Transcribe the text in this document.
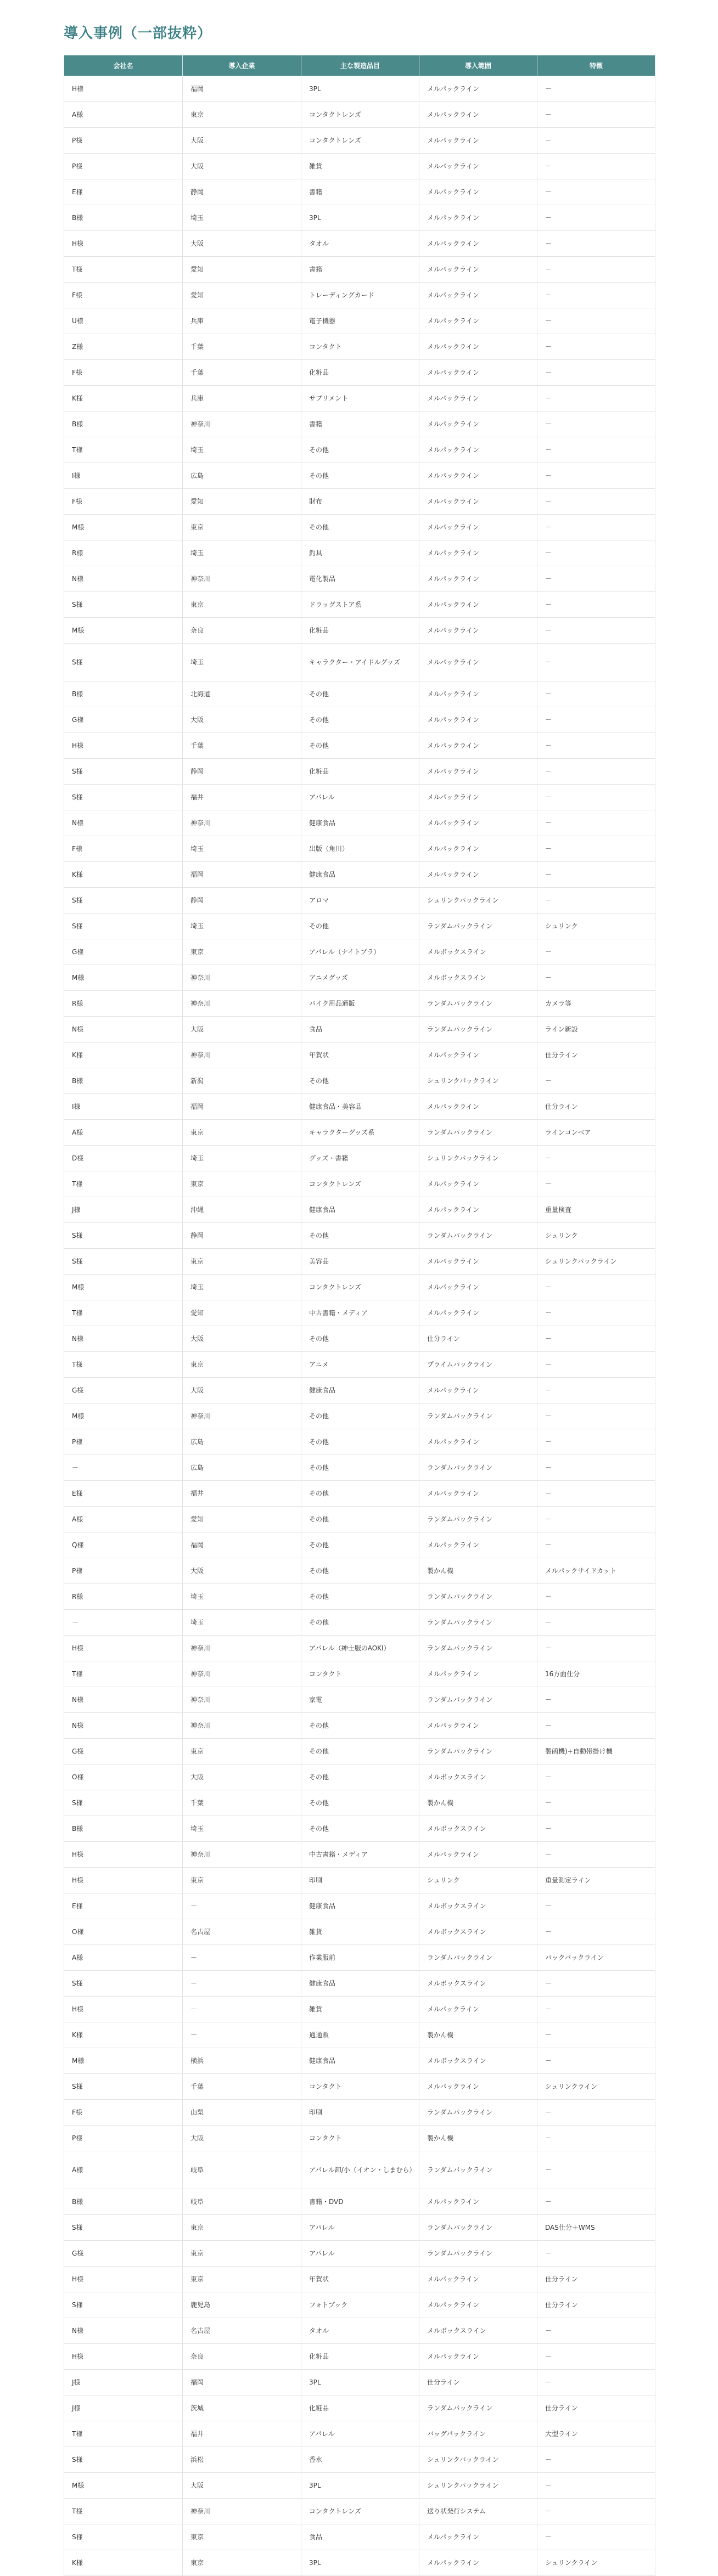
導入事例（一部抜粋）
会社名	導入企業	主な製造品目	導入範囲	特徴
H様	福岡	3PL	メルパックライン	－
A様	東京	コンタクトレンズ	メルパックライン	－
P様	大阪	コンタクトレンズ	メルパックライン	－
P様	大阪	雑貨	メルパックライン	－
E様	静岡	書籍	メルパックライン	－
B様	埼玉	3PL	メルパックライン	－
H様	大阪	タオル	メルパックライン	－
T様	愛知	書籍	メルパックライン	－
F様	愛知	トレーディングカード	メルパックライン	－
U様	兵庫	電子機器	メルパックライン	－
Z様	千葉	コンタクト	メルパックライン	－
F様	千葉	化粧品	メルパックライン	－
K様	兵庫	サプリメント	メルパックライン	－
B様	神奈川	書籍	メルパックライン	－
T様	埼玉	その他	メルパックライン	－
I様	広島	その他	メルパックライン	－
F様	愛知	財布	メルパックライン	－
M様	東京	その他	メルパックライン	－
R様	埼玉	釣具	メルパックライン	－
N様	神奈川	電化製品	メルパックライン	－
S様	東京	ドラッグストア系	メルパックライン	－
M様	奈良	化粧品	メルパックライン	－
S様	埼玉	キャラクター・アイドルグッズ	メルパックライン	－
B様	北海道	その他	メルパックライン	－
G様	大阪	その他	メルパックライン	－
H様	千葉	その他	メルパックライン	－
S様	静岡	化粧品	メルパックライン	－
S様	福井	アパレル	メルパックライン	－
N様	神奈川	健康食品	メルパックライン	－
F様	埼玉	出版（角川）	メルパックライン	－
K様	福岡	健康食品	メルパックライン	－
S様	静岡	アロマ	シュリンクパックライン	－
S様	埼玉	その他	ランダムパックライン	シュリンク
G様	東京	アパレル（ナイトブラ）	メルボックスライン	－
M様	神奈川	アニメグッズ	メルボックスライン	－
R様	神奈川	バイク用品通販	ランダムパックライン	カメラ等
N様	大阪	食品	ランダムパックライン	ライン新設
K様	神奈川	年賀状	メルパックライン	仕分ライン
B様	新潟	その他	シュリンクパックライン	－
I様	福岡	健康食品・美容品	メルパックライン	仕分ライン
A様	東京	キャラクターグッズ系	ランダムパックライン	ラインコンベア
D様	埼玉	グッズ・書籍	シュリンクパックライン	－
T様	東京	コンタクトレンズ	メルパックライン	－
J様	沖縄	健康食品	メルパックライン	重量検査
S様	静岡	その他	ランダムパックライン	シュリンク
S様	東京	美容品	メルパックライン	シュリンクパックライン
M様	埼玉	コンタクトレンズ	メルパックライン	－
T様	愛知	中古書籍・メディア	メルパックライン	－
N様	大阪	その他	仕分ライン	－
T様	東京	アニメ	プライムパックライン	－
G様	大阪	健康食品	メルパックライン	－
M様	神奈川	その他	ランダムパックライン	－
P様	広島	その他	メルパックライン	－
－	広島	その他	ランダムパックライン	－
E様	福井	その他	メルパックライン	－
A様	愛知	その他	ランダムパックライン	－
Q様	福岡	その他	メルパックライン	－
P様	大阪	その他	製かん機	メルパックサイドカット
R様	埼玉	その他	ランダムパックライン	－
－	埼玉	その他	ランダムパックライン	－
H様	神奈川	アパレル（紳士服のAOKI）	ランダムパックライン	－
T様	神奈川	コンタクト	メルパックライン	16方面仕分
N様	神奈川	家電	ランダムパックライン	－
N様	神奈川	その他	メルパックライン	－
G様	東京	その他	ランダムパックライン	製函機)+自動帯掛け機
O様	大阪	その他	メルボックスライン	－
S様	千葉	その他	製かん機	－
B様	埼玉	その他	メルボックスライン	－
H様	神奈川	中古書籍・メディア	メルパックライン	－
H様	東京	印刷	シュリンク	重量測定ライン
E様	－	健康食品	メルボックスライン	－
O様	名古屋	雑貨	メルボックスライン	－
A様	－	作業服前	ランダムパックライン	バックパックライン
S様	－	健康食品	メルボックスライン	－
H様	－	雑貨	メルパックライン	－
K様	－	通通販	製かん機	－
M様	横浜	健康食品	メルボックスライン	－
S様	千葉	コンタクト	メルパックライン	シュリンクライン
F様	山梨	印刷	ランダムパックライン	－
P様	大阪	コンタクト	製かん機	－
A様	岐阜	アパレル卸/小（イオン・しまむら）	ランダムパックライン	－
B様	岐阜	書籍・DVD	メルパックライン	－
S様	東京	アパレル	ランダムパックライン	DAS仕分＋WMS
G様	東京	アパレル	ランダムパックライン	－
H様	東京	年賀状	メルパックライン	仕分ライン
S様	鹿児島	フォトブック	メルパックライン	仕分ライン
N様	名古屋	タオル	メルボックスライン	－
H様	奈良	化粧品	メルパックライン	－
J様	福岡	3PL	仕分ライン	－
J様	茨城	化粧品	ランダムパックライン	仕分ライン
T様	福井	アパレル	バッグパックライン	大型ライン
S様	浜松	香水	シュリンクパックライン	－
M様	大阪	3PL	シュリンクパックライン	－
T様	神奈川	コンタクトレンズ	送り状発行システム	－
S様	東京	食品	メルパックライン	－
K様	東京	3PL	メルパックライン	シュリンクライン
